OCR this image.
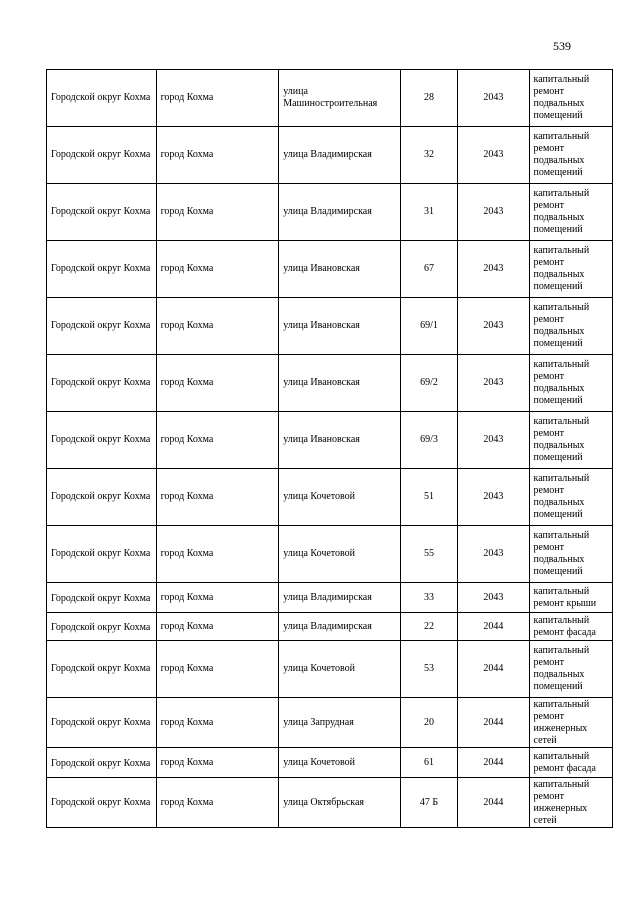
539
Городской округ Кохма	город Кохма	улица Машиностроительная	28	2043	капитальный ремонт подвальных помещений
Городской округ Кохма	город Кохма	улица Владимирская	32	2043	капитальный ремонт подвальных помещений
Городской округ Кохма	город Кохма	улица Владимирская	31	2043	капитальный ремонт подвальных помещений
Городской округ Кохма	город Кохма	улица Ивановская	67	2043	капитальный ремонт подвальных помещений
Городской округ Кохма	город Кохма	улица Ивановская	69/1	2043	капитальный ремонт подвальных помещений
Городской округ Кохма	город Кохма	улица Ивановская	69/2	2043	капитальный ремонт подвальных помещений
Городской округ Кохма	город Кохма	улица Ивановская	69/3	2043	капитальный ремонт подвальных помещений
Городской округ Кохма	город Кохма	улица Кочетовой	51	2043	капитальный ремонт подвальных помещений
Городской округ Кохма	город Кохма	улица Кочетовой	55	2043	капитальный ремонт подвальных помещений
Городской округ Кохма	город Кохма	улица Владимирская	33	2043	капитальный ремонт крыши
Городской округ Кохма	город Кохма	улица Владимирская	22	2044	капитальный ремонт фасада
Городской округ Кохма	город Кохма	улица Кочетовой	53	2044	капитальный ремонт подвальных помещений
Городской округ Кохма	город Кохма	улица Запрудная	20	2044	капитальный ремонт инженерных сетей
Городской округ Кохма	город Кохма	улица Кочетовой	61	2044	капитальный ремонт фасада
Городской округ Кохма	город Кохма	улица Октябрьская	47 Б	2044	капитальный ремонт инженерных сетей
